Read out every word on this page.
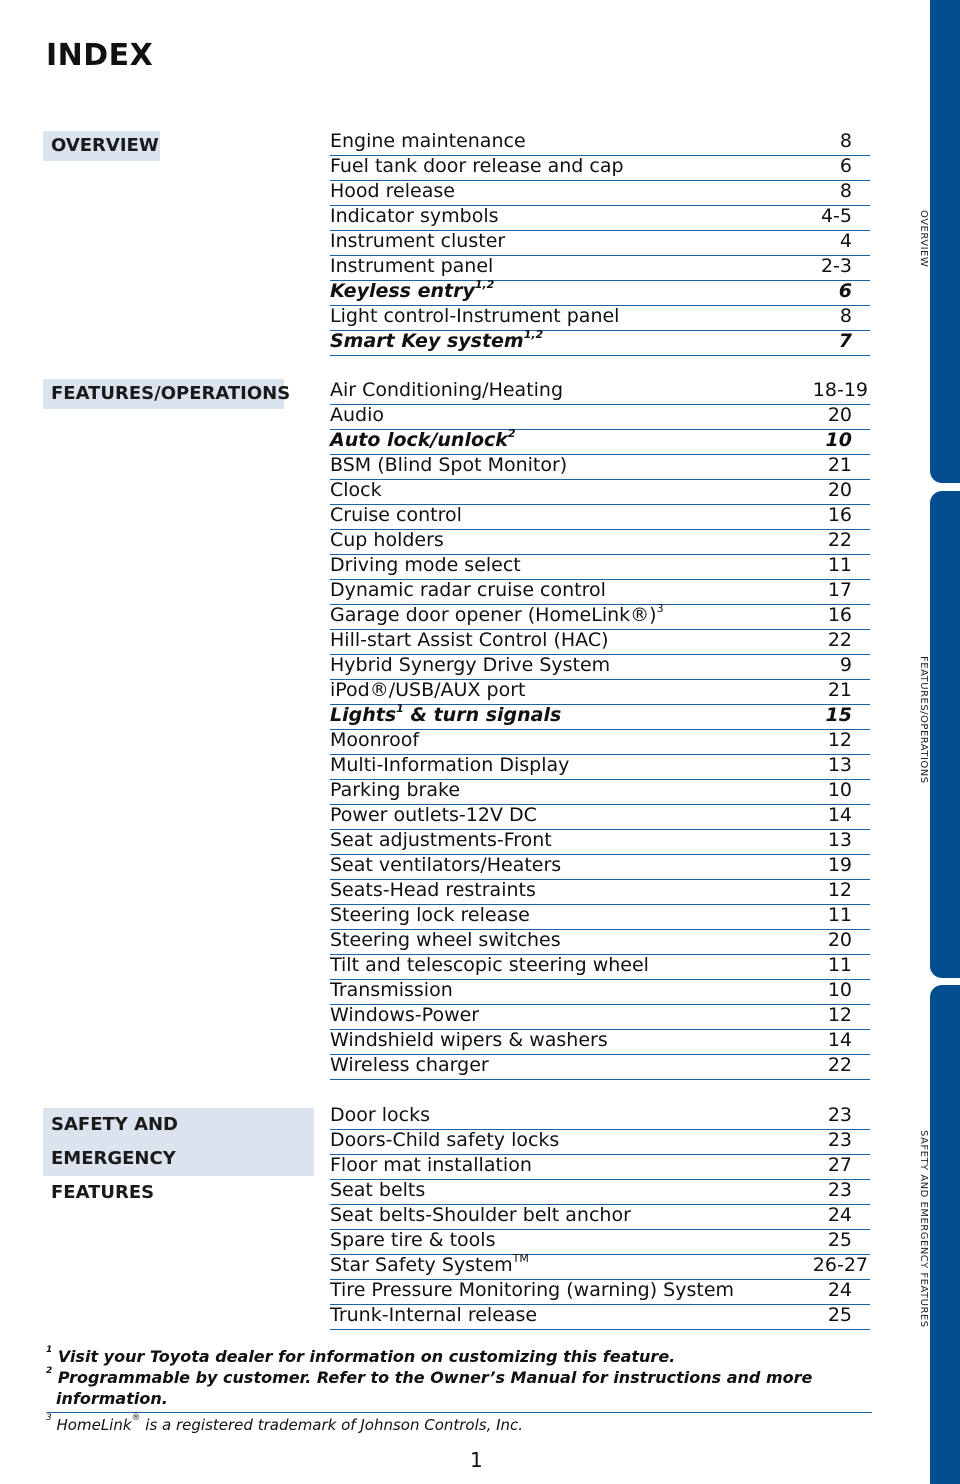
INDEX
OVERVIEW
FEATURES/OPERATIONS
SAFETY AND EMERGENCY
FEATURES
Engine maintenance	8
Fuel tank door release and cap	6
Hood release	8
Indicator symbols	4-5
Instrument cluster	4
Instrument panel	2-3
Keyless entry$^{1,2}$	6
Light control-Instrument panel	8
Smart Key system$^{1,2}$	7
Air Conditioning/Heating	18-19
Audio	20
Auto lock/unlock$^2$	10
BSM (Blind Spot Monitor)	21
Clock	20
Cruise control	16
Cup holders	22
Driving mode select	11
Dynamic radar cruise control	17
Garage door opener (HomeLink®)$^3$	16
Hill-start Assist Control (HAC)	22
Hybrid Synergy Drive System	9
iPod®/USB/AUX port	21
Lights$^1$ & turn signals	15
Moonroof	12
Multi-Information Display	13
Parking brake	10
Power outlets-12V DC	14
Seat adjustments-Front	13
Seat ventilators/Heaters	19
Seats-Head restraints	12
Steering lock release	11
Steering wheel switches	20
Tilt and telescopic steering wheel	11
Transmission	10
Windows-Power	12
Windshield wipers & washers	14
Wireless charger	22
Door locks	23
Doors-Child safety locks	23
Floor mat installation	27
Seat belts	23
Seat belts-Shoulder belt anchor	24
Spare tire & tools	25
Star Safety System™	26-27
Tire Pressure Monitoring (warning) System	24
Trunk-Internal release	25
OVERVIEW
FEATURES/OPERATIONS
SAFETY AND EMERGENCY FEATURES
$^1$ Visit your Toyota dealer for information on customizing this feature.
$^2$ Programmable by customer. Refer to the Owner’s Manual for instructions and more information.
$^3$ HomeLink® is a registered trademark of Johnson Controls, Inc.
1
